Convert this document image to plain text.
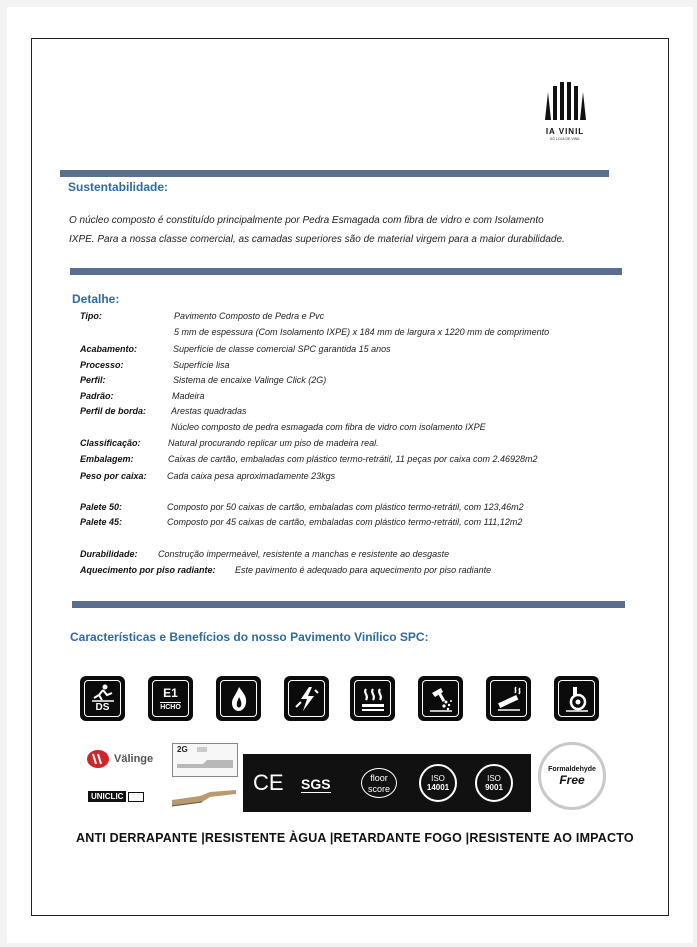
IA VINIL
SÓ LOJA DE VINIL
Sustentabilidade:
O núcleo composto é constituído principalmente por Pedra Esmagada com fibra de vidro e com Isolamento
IXPE. Para a nossa classe comercial, as camadas superiores são de material virgem para a maior durabilidade.
Detalhe:
Tipo:	Pavimento Composto de Pedra e Pvc
5 mm de espessura (Com Isolamento IXPE) x 184 mm de largura x 1220 mm de comprimento
Acabamento:	Superfície de classe comercial SPC garantida 15 anos
Processo:	Superfície lisa
Perfil:	Sistema de encaixe Valinge Click (2G)
Padrão:	Madeira
Perfil de borda:	Arestas quadradas
Núcleo composto de pedra esmagada com fibra de vidro com isolamento IXPE
Classificação:	Natural procurando replicar um piso de madeira real.
Embalagem:	Caixas de cartão, embaladas com plástico termo-retrátil, 11 peças por caixa com 2.46928m2
Peso por caixa: Cada caixa pesa aproximadamente 23kgs
Palete 50:	Composto por 50 caixas de cartão, embaladas com plástico termo-retrátil, com 123,46m2
Palete 45:	Composto por 45 caixas de cartão, embaladas com plástico termo-retrátil, com 111,12m2
Durabilidade: Construção impermeável, resistente a manchas e resistente ao desgaste
Aquecimento por piso radiante: Este pavimento é adequado para aquecimento por piso radiante
Características e Benefícios do nosso Pavimento Vinílico SPC:
DS
E1
HCHO
Välinge
UNICLIC
2G
CE SGS	floor
score
ISO
14001
ISO
9001
Formaldehyde
Free
ANTI DERRAPANTE |RESISTENTE ÀGUA |RETARDANTE FOGO |RESISTENTE AO IMPACTO
